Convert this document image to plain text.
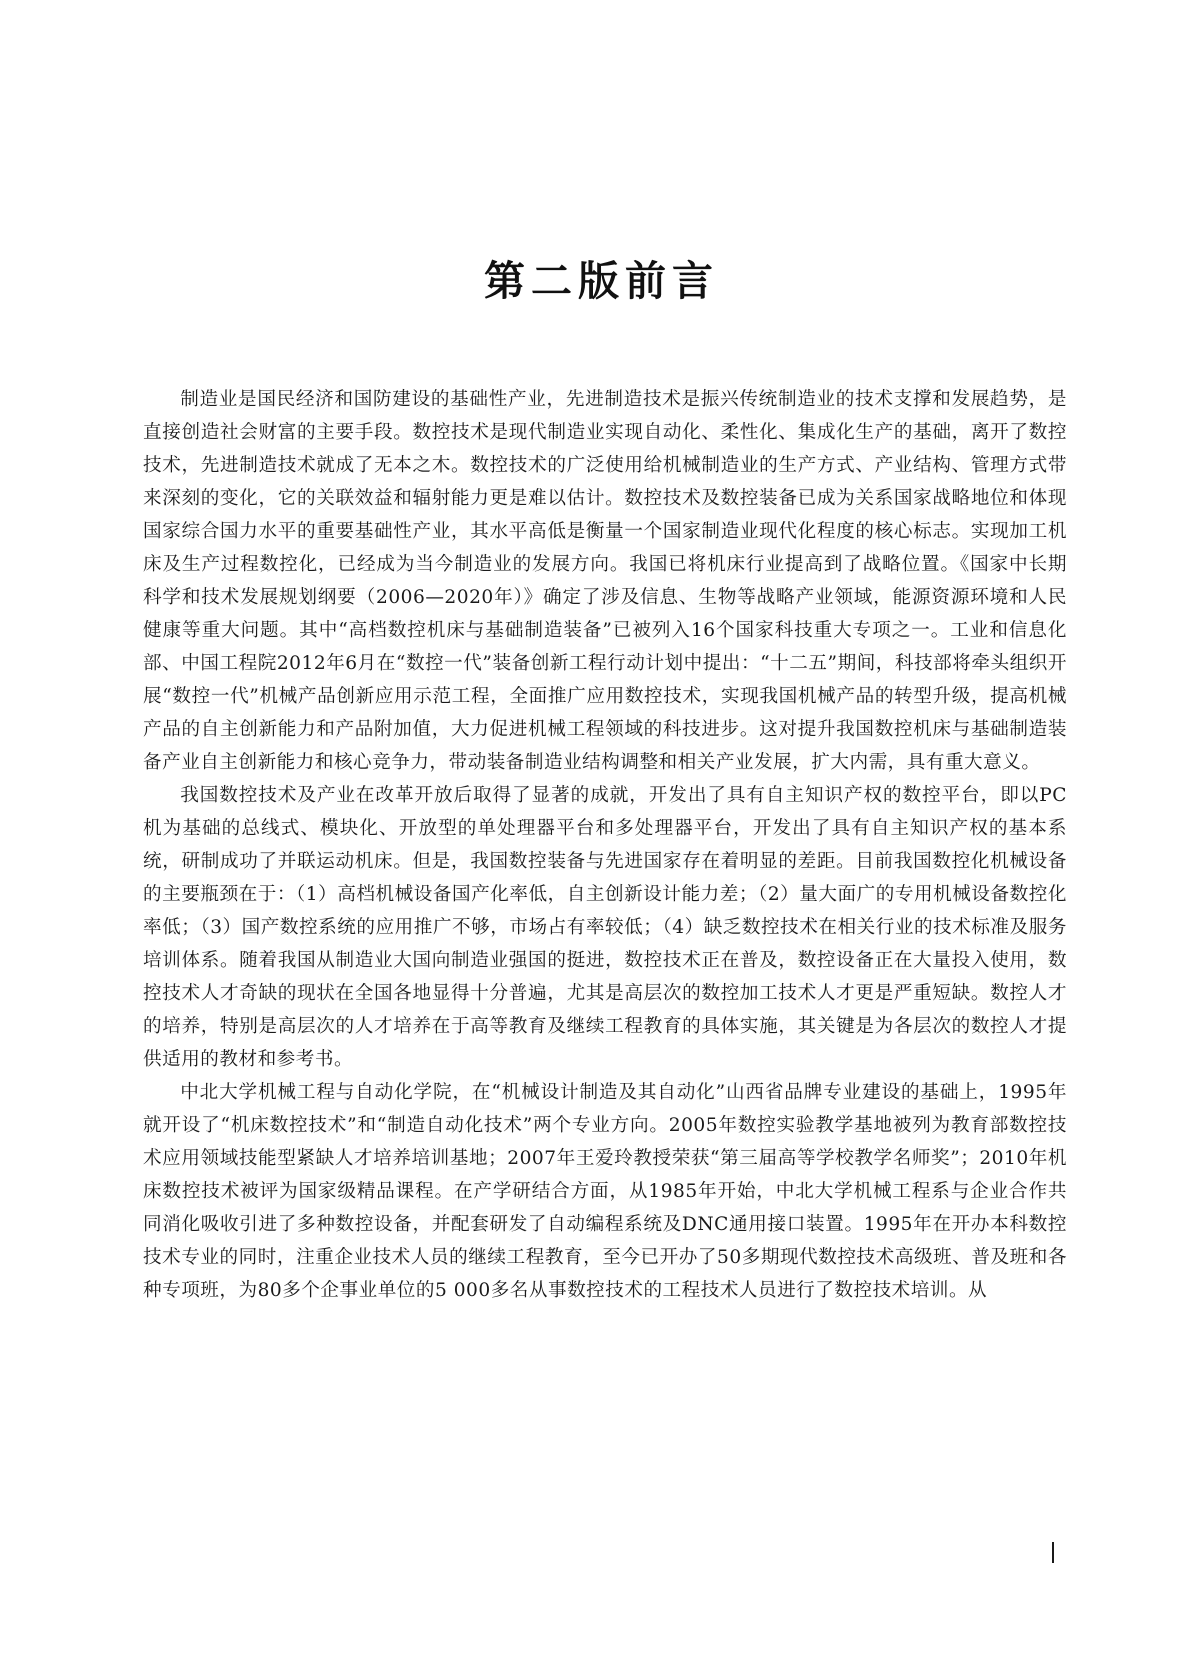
第二版前言

制造业是国民经济和国防建设的基础性产业，先进制造技术是振兴传统制造业的技术支撑和发展趋势，是直接创造社会财富的主要手段。数控技术是现代制造业实现自动化、柔性化、集成化生产的基础，离开了数控技术，先进制造技术就成了无本之木。数控技术的广泛使用给机械制造业的生产方式、产业结构、管理方式带来深刻的变化，它的关联效益和辐射能力更是难以估计。数控技术及数控装备已成为关系国家战略地位和体现国家综合国力水平的重要基础性产业，其水平高低是衡量一个国家制造业现代化程度的核心标志。实现加工机床及生产过程数控化，已经成为当今制造业的发展方向。我国已将机床行业提高到了战略位置。《国家中长期科学和技术发展规划纲要（2006—2020年）》确定了涉及信息、生物等战略产业领域，能源资源环境和人民健康等重大问题。其中“高档数控机床与基础制造装备”已被列入16个国家科技重大专项之一。工业和信息化部、中国工程院2012年6月在“数控一代”装备创新工程行动计划中提出：“十二五”期间，科技部将牵头组织开展“数控一代”机械产品创新应用示范工程，全面推广应用数控技术，实现我国机械产品的转型升级，提高机械产品的自主创新能力和产品附加值，大力促进机械工程领域的科技进步。这对提升我国数控机床与基础制造装备产业自主创新能力和核心竞争力，带动装备制造业结构调整和相关产业发展，扩大内需，具有重大意义。

我国数控技术及产业在改革开放后取得了显著的成就，开发出了具有自主知识产权的数控平台，即以PC机为基础的总线式、模块化、开放型的单处理器平台和多处理器平台，开发出了具有自主知识产权的基本系统，研制成功了并联运动机床。但是，我国数控装备与先进国家存在着明显的差距。目前我国数控化机械设备的主要瓶颈在于：（1）高档机械设备国产化率低，自主创新设计能力差；（2）量大面广的专用机械设备数控化率低；（3）国产数控系统的应用推广不够，市场占有率较低；（4）缺乏数控技术在相关行业的技术标准及服务培训体系。随着我国从制造业大国向制造业强国的挺进，数控技术正在普及，数控设备正在大量投入使用，数控技术人才奇缺的现状在全国各地显得十分普遍，尤其是高层次的数控加工技术人才更是严重短缺。数控人才的培养，特别是高层次的人才培养在于高等教育及继续工程教育的具体实施，其关键是为各层次的数控人才提供适用的教材和参考书。

中北大学机械工程与自动化学院，在“机械设计制造及其自动化”山西省品牌专业建设的基础上，1995年就开设了“机床数控技术”和“制造自动化技术”两个专业方向。2005年数控实验教学基地被列为教育部数控技术应用领域技能型紧缺人才培养培训基地；2007年王爱玲教授荣获“第三届高等学校教学名师奖”；2010年机床数控技术被评为国家级精品课程。在产学研结合方面，从1985年开始，中北大学机械工程系与企业合作共同消化吸收引进了多种数控设备，并配套研发了自动编程系统及DNC通用接口装置。1995年在开办本科数控技术专业的同时，注重企业技术人员的继续工程教育，至今已开办了50多期现代数控技术高级班、普及班和各种专项班，为80多个企事业单位的5 000多名从事数控技术的工程技术人员进行了数控技术培训。从
